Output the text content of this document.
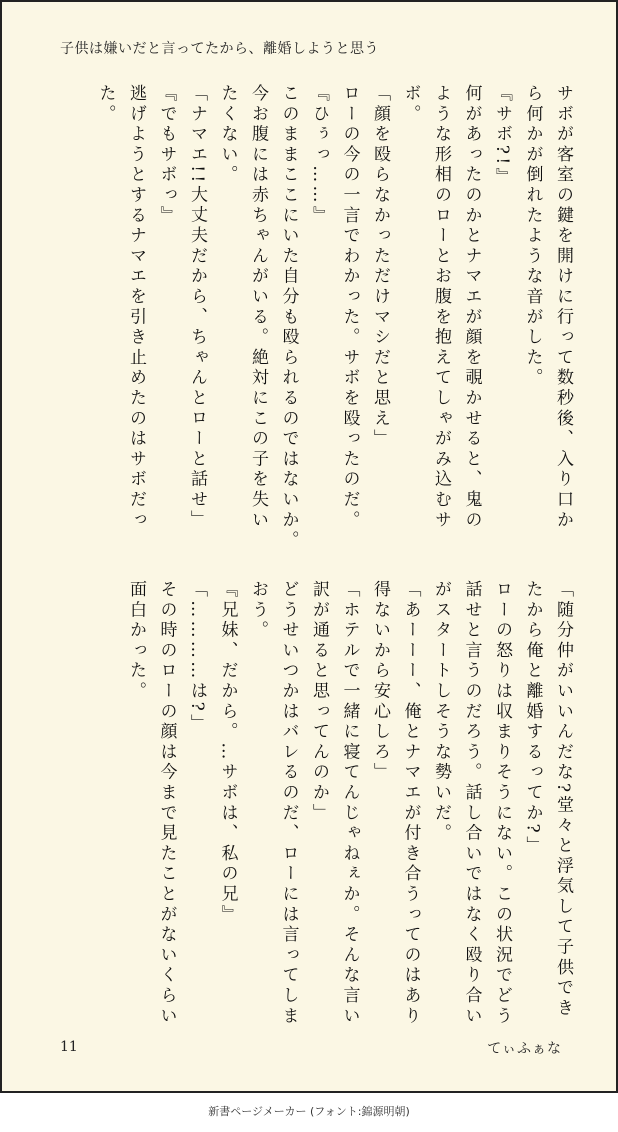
子供は嫌いだと言ってたから、離婚しようと思う
サボが客室の鍵を開けに行って数秒後、入り口か
ら何かが倒れたような音がした。
『サボ?!』
何があったのかとナマエが顔を覗かせると、鬼の
ような形相のローとお腹を抱えてしゃがみ込むサ
ボ。
「顔を殴らなかっただけマシだと思え」
ローの今の一言でわかった。サボを殴ったのだ。
『ひぅっ……』
このままここにいた自分も殴られるのではないか。
今お腹には赤ちゃんがいる。絶対にこの子を失い
たくない。
「ナマエ!!大丈夫だから、ちゃんとローと話せ」
『でもサボっ』
逃げようとするナマエを引き止めたのはサボだっ
た。
「随分仲がいいんだな?堂々と浮気して子供でき
たから俺と離婚するってか?」
ローの怒りは収まりそうにない。この状況でどう
話せと言うのだろう。話し合いではなく殴り合い
がスタートしそうな勢いだ。
「あーーー、俺とナマエが付き合うってのはあり
得ないから安心しろ」
「ホテルで一緒に寝てんじゃねぇか。そんな言い
訳が通ると思ってんのか」
どうせいつかはバレるのだ、ローには言ってしま
おう。
『兄妹、だから。…サボは、私の兄』
「…………は?」
その時のローの顔は今まで見たことがないくらい
面白かった。
11	てぃふぁな
新書ページメーカー (フォント:錦源明朝)
